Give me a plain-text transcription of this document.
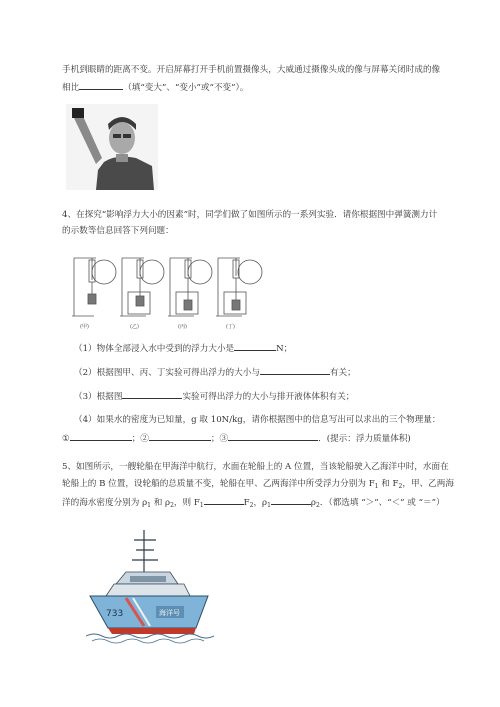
手机到眼睛的距离不变。开启屏幕打开手机前置摄像头，大威通过摄像头成的像与屏幕关闭时成的像
相比	（填“变大”、“变小”或“不变”）。
4、在探究“影响浮力大小的因素”时，同学们做了如图所示的一系列实验．请你根据图中弹簧测力计
的示数等信息回答下列问题：
(甲)	(乙)	(丙)	(丁)
（1）物体全部浸入水中受到的浮力大小是	N；
（2）根据图甲、丙、丁实验可得出浮力的大小与	有关；
（3）根据图	实验可得出浮力的大小与排开液体体积有关；
（4）如果水的密度为已知量，g 取 10N/kg，请你根据图中的信息写出可以求出的三个物理量：
①	；②	；③	．(提示：浮力质量体积)
5、如图所示，一艘轮船在甲海洋中航行，水面在轮船上的 A 位置，当该轮船驶入乙海洋中时，水面在
轮船上的 B 位置，设轮船的总质量不变，轮船在甲、乙两海洋中所受浮力分别为 $F_1$ 和 $F_2$，甲、乙两海
洋的海水密度分别为 $\rho_1$ 和 $\rho_2$，则 $F_1$	$F_2$，$\rho_1$	$\rho_2$．（都选填 “＞”、“＜” 或 “＝”）
733	海洋号
